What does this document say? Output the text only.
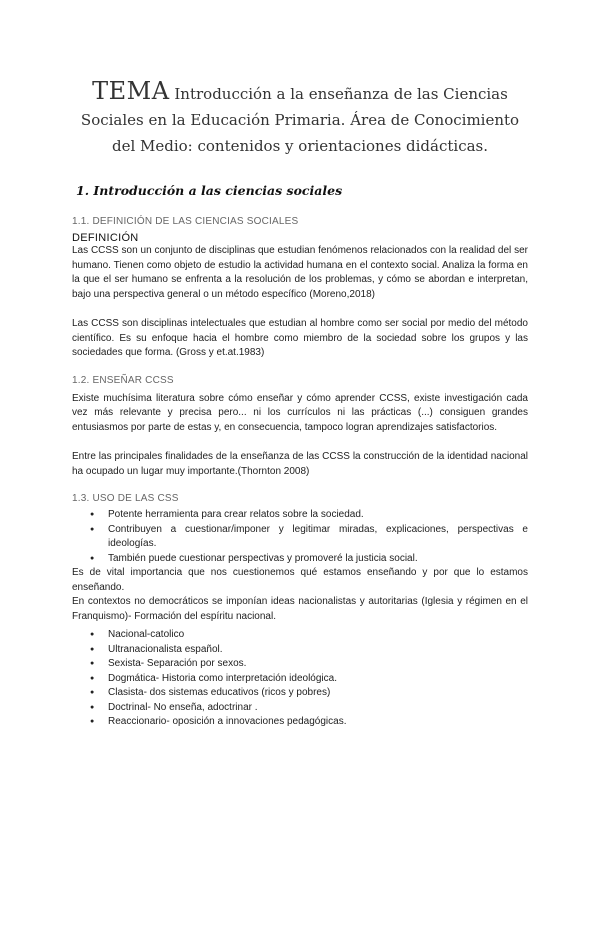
TEMA Introducción a la enseñanza de las Ciencias Sociales en la Educación Primaria. Área de Conocimiento del Medio: contenidos y orientaciones didácticas.
1. Introducción a las ciencias sociales
1.1. DEFINICIÓN DE LAS CIENCIAS SOCIALES
DEFINICIÓN

Las CCSS son un conjunto de disciplinas que estudian fenómenos relacionados con la realidad del ser humano. Tienen como objeto de estudio la actividad humana en el contexto social. Analiza la forma en la que el ser humano se enfrenta a la resolución de los problemas, y cómo se abordan e interpretan, bajo una perspectiva general o un método específico (Moreno,2018)

Las CCSS son disciplinas intelectuales que estudian al hombre como ser social por medio del método científico. Es su enfoque hacia el hombre como miembro de la sociedad sobre los grupos y las sociedades que forma. (Gross y et.at.1983)

1.2. ENSEÑAR CCSS

Existe muchísima literatura sobre cómo enseñar y cómo aprender CCSS, existe investigación cada vez más relevante y precisa pero... ni los currículos ni las prácticas (...) consiguen grandes entusiasmos por parte de estas y, en consecuencia, tampoco logran aprendizajes satisfactorios.

Entre las principales finalidades de la enseñanza de las CCSS la construcción de la identidad nacional ha ocupado un lugar muy importante.(Thornton 2008)

1.3. USO DE LAS CSS
● Potente herramienta para crear relatos sobre la sociedad.
● Contribuyen a cuestionar/imponer y legitimar miradas, explicaciones, perspectivas e ideologías.
● También puede cuestionar perspectivas y promoveré la justicia social.

Es de vital importancia que nos cuestionemos qué estamos enseñando y por que lo estamos enseñando.

En contextos no democráticos se imponían ideas nacionalistas y autoritarias (Iglesia y régimen en el Franquismo)- Formación del espíritu nacional.

● Nacional-catolico
● Ultranacionalista español.
● Sexista- Separación por sexos.
● Dogmática- Historia como interpretación ideológica.
● Clasista- dos sistemas educativos (ricos y pobres)
● Doctrinal- No enseña, adoctrinar .
● Reaccionario- oposición a innovaciones pedagógicas.
